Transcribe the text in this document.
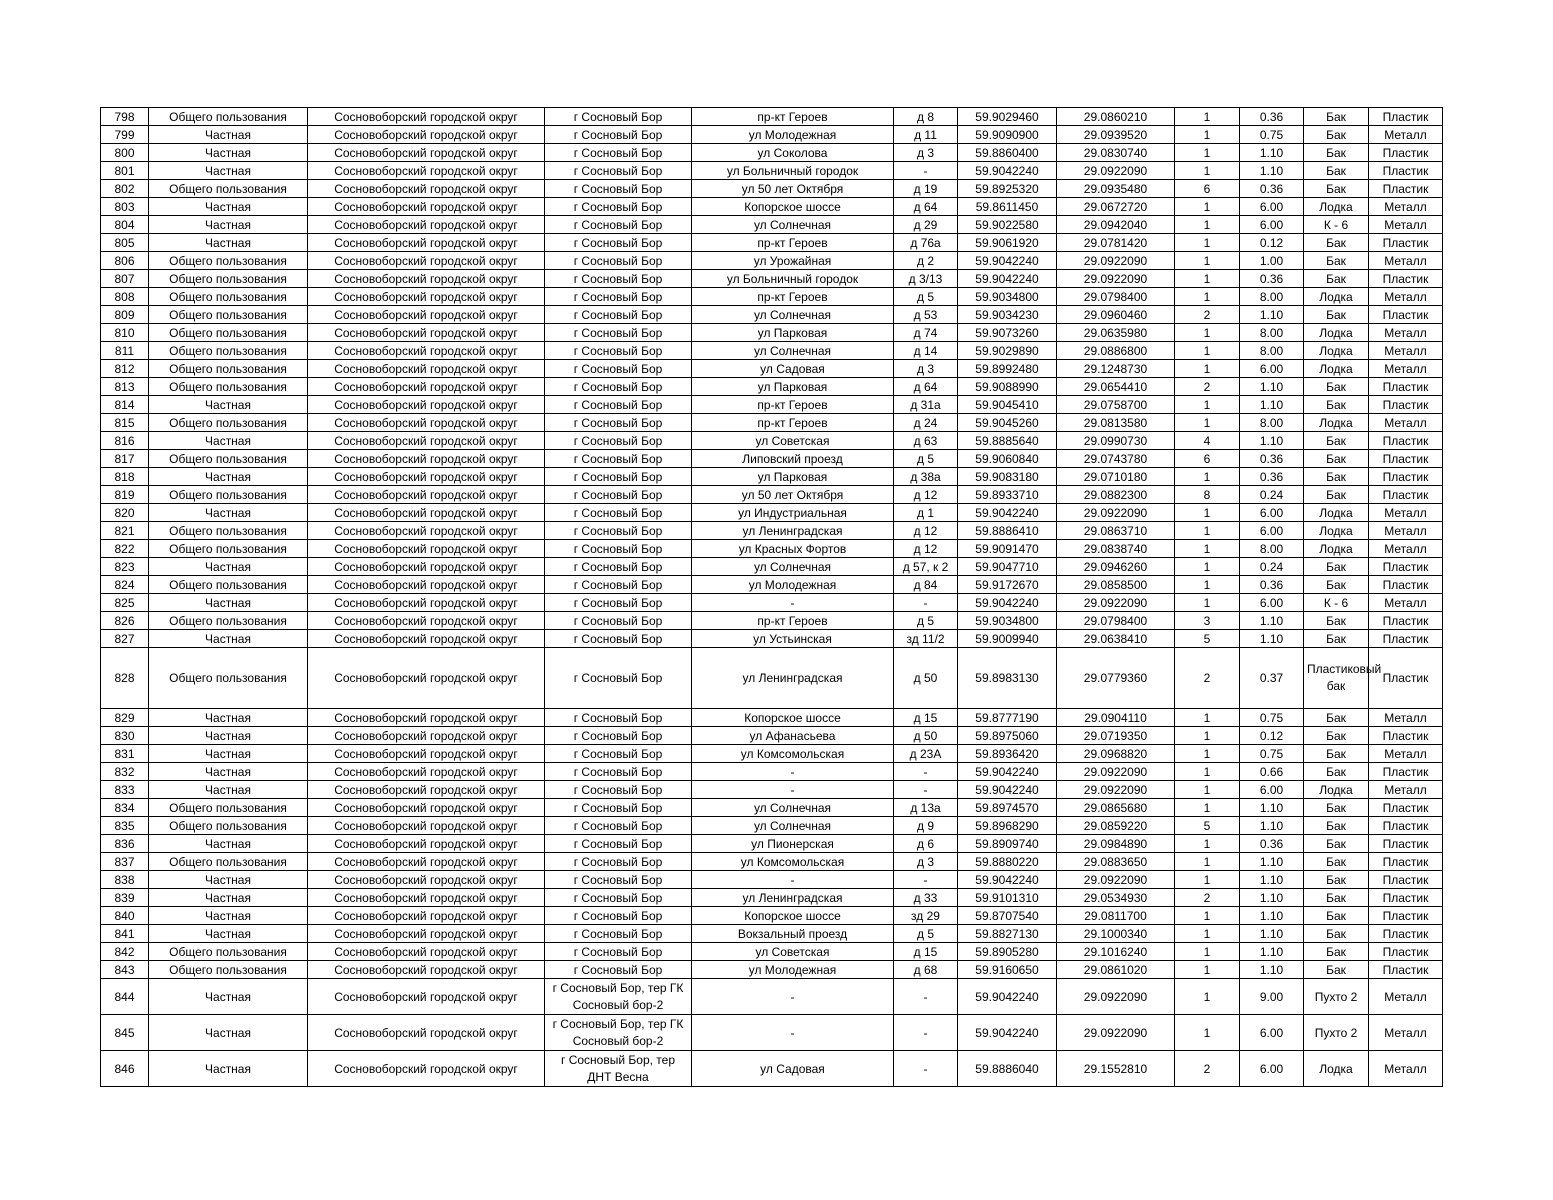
798	Общего пользования	Сосновоборский городской округ	г Сосновый Бор	пр-кт Героев	д 8	59.9029460	29.0860210	1	0.36	Бак	Пластик
799	Частная	Сосновоборский городской округ	г Сосновый Бор	ул Молодежная	д 11	59.9090900	29.0939520	1	0.75	Бак	Металл
800	Частная	Сосновоборский городской округ	г Сосновый Бор	ул Соколова	д 3	59.8860400	29.0830740	1	1.10	Бак	Пластик
801	Частная	Сосновоборский городской округ	г Сосновый Бор	ул Больничный городок	-	59.9042240	29.0922090	1	1.10	Бак	Пластик
802	Общего пользования	Сосновоборский городской округ	г Сосновый Бор	ул 50 лет Октября	д 19	59.8925320	29.0935480	6	0.36	Бак	Пластик
803	Частная	Сосновоборский городской округ	г Сосновый Бор	Копорское шоссе	д 64	59.8611450	29.0672720	1	6.00	Лодка	Металл
804	Частная	Сосновоборский городской округ	г Сосновый Бор	ул Солнечная	д 29	59.9022580	29.0942040	1	6.00	К - 6	Металл
805	Частная	Сосновоборский городской округ	г Сосновый Бор	пр-кт Героев	д 76а	59.9061920	29.0781420	1	0.12	Бак	Пластик
806	Общего пользования	Сосновоборский городской округ	г Сосновый Бор	ул Урожайная	д 2	59.9042240	29.0922090	1	1.00	Бак	Металл
807	Общего пользования	Сосновоборский городской округ	г Сосновый Бор	ул Больничный городок	д 3/13	59.9042240	29.0922090	1	0.36	Бак	Пластик
808	Общего пользования	Сосновоборский городской округ	г Сосновый Бор	пр-кт Героев	д 5	59.9034800	29.0798400	1	8.00	Лодка	Металл
809	Общего пользования	Сосновоборский городской округ	г Сосновый Бор	ул Солнечная	д 53	59.9034230	29.0960460	2	1.10	Бак	Пластик
810	Общего пользования	Сосновоборский городской округ	г Сосновый Бор	ул Парковая	д 74	59.9073260	29.0635980	1	8.00	Лодка	Металл
811	Общего пользования	Сосновоборский городской округ	г Сосновый Бор	ул Солнечная	д 14	59.9029890	29.0886800	1	8.00	Лодка	Металл
812	Общего пользования	Сосновоборский городской округ	г Сосновый Бор	ул Садовая	д 3	59.8992480	29.1248730	1	6.00	Лодка	Металл
813	Общего пользования	Сосновоборский городской округ	г Сосновый Бор	ул Парковая	д 64	59.9088990	29.0654410	2	1.10	Бак	Пластик
814	Частная	Сосновоборский городской округ	г Сосновый Бор	пр-кт Героев	д 31а	59.9045410	29.0758700	1	1.10	Бак	Пластик
815	Общего пользования	Сосновоборский городской округ	г Сосновый Бор	пр-кт Героев	д 24	59.9045260	29.0813580	1	8.00	Лодка	Металл
816	Частная	Сосновоборский городской округ	г Сосновый Бор	ул Советская	д 63	59.8885640	29.0990730	4	1.10	Бак	Пластик
817	Общего пользования	Сосновоборский городской округ	г Сосновый Бор	Липовский проезд	д 5	59.9060840	29.0743780	6	0.36	Бак	Пластик
818	Частная	Сосновоборский городской округ	г Сосновый Бор	ул Парковая	д 38а	59.9083180	29.0710180	1	0.36	Бак	Пластик
819	Общего пользования	Сосновоборский городской округ	г Сосновый Бор	ул 50 лет Октября	д 12	59.8933710	29.0882300	8	0.24	Бак	Пластик
820	Частная	Сосновоборский городской округ	г Сосновый Бор	ул Индустриальная	д 1	59.9042240	29.0922090	1	6.00	Лодка	Металл
821	Общего пользования	Сосновоборский городской округ	г Сосновый Бор	ул Ленинградская	д 12	59.8886410	29.0863710	1	6.00	Лодка	Металл
822	Общего пользования	Сосновоборский городской округ	г Сосновый Бор	ул Красных Фортов	д 12	59.9091470	29.0838740	1	8.00	Лодка	Металл
823	Частная	Сосновоборский городской округ	г Сосновый Бор	ул Солнечная	д 57, к 2	59.9047710	29.0946260	1	0.24	Бак	Пластик
824	Общего пользования	Сосновоборский городской округ	г Сосновый Бор	ул Молодежная	д 84	59.9172670	29.0858500	1	0.36	Бак	Пластик
825	Частная	Сосновоборский городской округ	г Сосновый Бор	-	-	59.9042240	29.0922090	1	6.00	К - 6	Металл
826	Общего пользования	Сосновоборский городской округ	г Сосновый Бор	пр-кт Героев	д 5	59.9034800	29.0798400	3	1.10	Бак	Пластик
827	Частная	Сосновоборский городской округ	г Сосновый Бор	ул Устьинская	зд 11/2	59.9009940	29.0638410	5	1.10	Бак	Пластик
828	Общего пользования	Сосновоборский городской округ	г Сосновый Бор	ул Ленинградская	д 50	59.8983130	29.0779360	2	0.37	Пластиковый бак	Пластик
829	Частная	Сосновоборский городской округ	г Сосновый Бор	Копорское шоссе	д 15	59.8777190	29.0904110	1	0.75	Бак	Металл
830	Частная	Сосновоборский городской округ	г Сосновый Бор	ул Афанасьева	д 50	59.8975060	29.0719350	1	0.12	Бак	Пластик
831	Частная	Сосновоборский городской округ	г Сосновый Бор	ул Комсомольская	д 23А	59.8936420	29.0968820	1	0.75	Бак	Металл
832	Частная	Сосновоборский городской округ	г Сосновый Бор	-	-	59.9042240	29.0922090	1	0.66	Бак	Пластик
833	Частная	Сосновоборский городской округ	г Сосновый Бор	-	-	59.9042240	29.0922090	1	6.00	Лодка	Металл
834	Общего пользования	Сосновоборский городской округ	г Сосновый Бор	ул Солнечная	д 13а	59.8974570	29.0865680	1	1.10	Бак	Пластик
835	Общего пользования	Сосновоборский городской округ	г Сосновый Бор	ул Солнечная	д 9	59.8968290	29.0859220	5	1.10	Бак	Пластик
836	Частная	Сосновоборский городской округ	г Сосновый Бор	ул Пионерская	д 6	59.8909740	29.0984890	1	0.36	Бак	Пластик
837	Общего пользования	Сосновоборский городской округ	г Сосновый Бор	ул Комсомольская	д 3	59.8880220	29.0883650	1	1.10	Бак	Пластик
838	Частная	Сосновоборский городской округ	г Сосновый Бор	-	-	59.9042240	29.0922090	1	1.10	Бак	Пластик
839	Частная	Сосновоборский городской округ	г Сосновый Бор	ул Ленинградская	д 33	59.9101310	29.0534930	2	1.10	Бак	Пластик
840	Частная	Сосновоборский городской округ	г Сосновый Бор	Копорское шоссе	зд 29	59.8707540	29.0811700	1	1.10	Бак	Пластик
841	Частная	Сосновоборский городской округ	г Сосновый Бор	Вокзальный проезд	д 5	59.8827130	29.1000340	1	1.10	Бак	Пластик
842	Общего пользования	Сосновоборский городской округ	г Сосновый Бор	ул Советская	д 15	59.8905280	29.1016240	1	1.10	Бак	Пластик
843	Общего пользования	Сосновоборский городской округ	г Сосновый Бор	ул Молодежная	д 68	59.9160650	29.0861020	1	1.10	Бак	Пластик
844	Частная	Сосновоборский городской округ	г Сосновый Бор, тер ГК Сосновый бор-2	-	-	59.9042240	29.0922090	1	9.00	Пухто 2	Металл
845	Частная	Сосновоборский городской округ	г Сосновый Бор, тер ГК Сосновый бор-2	-	-	59.9042240	29.0922090	1	6.00	Пухто 2	Металл
846	Частная	Сосновоборский городской округ	г Сосновый Бор, тер ДНТ Весна	ул Садовая	-	59.8886040	29.1552810	2	6.00	Лодка	Металл
